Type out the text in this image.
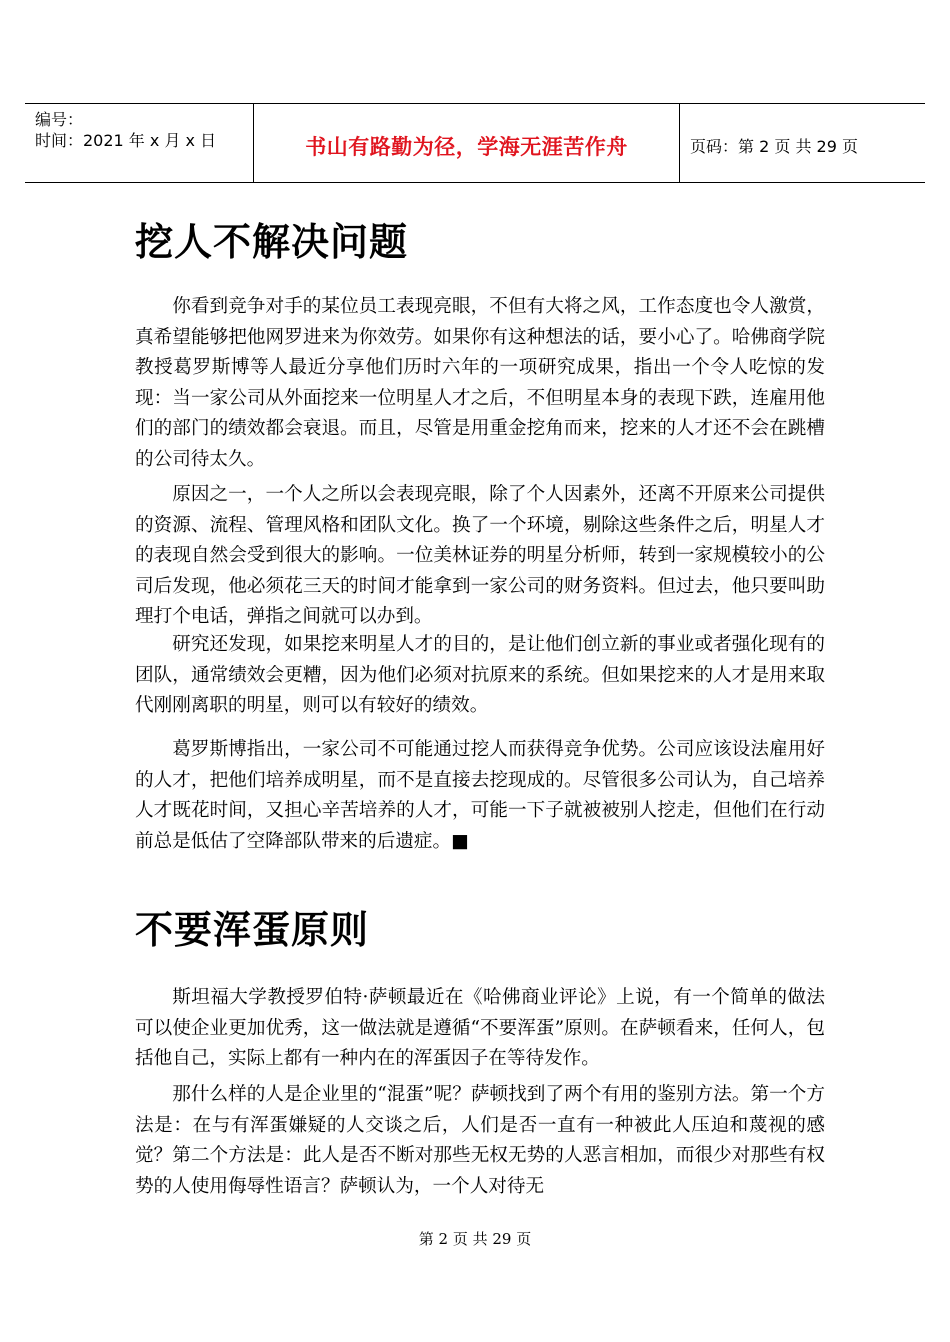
编号：
时间：2021 年 x 月 x 日	书山有路勤为径，学海无涯苦作舟	页码：第 2 页 共 29 页
挖人不解决问题

你看到竞争对手的某位员工表现亮眼，不但有大将之风，工作态度也令人激赏，真希望能够把他网罗进来为你效劳。如果你有这种想法的话，要小心了。哈佛商学院教授葛罗斯博等人最近分享他们历时六年的一项研究成果，指出一个令人吃惊的发现：当一家公司从外面挖来一位明星人才之后，不但明星本身的表现下跌，连雇用他们的部门的绩效都会衰退。而且，尽管是用重金挖角而来，挖来的人才还不会在跳槽的公司待太久。

原因之一，一个人之所以会表现亮眼，除了个人因素外，还离不开原来公司提供的资源、流程、管理风格和团队文化。换了一个环境，剔除这些条件之后，明星人才的表现自然会受到很大的影响。一位美林证券的明星分析师，转到一家规模较小的公司后发现，他必须花三天的时间才能拿到一家公司的财务资料。但过去，他只要叫助理打个电话，弹指之间就可以办到。

研究还发现，如果挖来明星人才的目的，是让他们创立新的事业或者强化现有的团队，通常绩效会更糟，因为他们必须对抗原来的系统。但如果挖来的人才是用来取代刚刚离职的明星，则可以有较好的绩效。

葛罗斯博指出，一家公司不可能通过挖人而获得竞争优势。公司应该设法雇用好的人才，把他们培养成明星，而不是直接去挖现成的。尽管很多公司认为，自己培养人才既花时间，又担心辛苦培养的人才，可能一下子就被被别人挖走，但他们在行动前总是低估了空降部队带来的后遗症。■

不要浑蛋原则

斯坦福大学教授罗伯特·萨顿最近在《哈佛商业评论》上说，有一个简单的做法可以使企业更加优秀，这一做法就是遵循“不要浑蛋”原则。在萨顿看来，任何人，包括他自己，实际上都有一种内在的浑蛋因子在等待发作。

那什么样的人是企业里的“混蛋”呢？萨顿找到了两个有用的鉴别方法。第一个方法是：在与有浑蛋嫌疑的人交谈之后，人们是否一直有一种被此人压迫和蔑视的感觉？第二个方法是：此人是否不断对那些无权无势的人恶言相加，而很少对那些有权势的人使用侮辱性语言？萨顿认为，一个人对待无

第 2 页 共 29 页
